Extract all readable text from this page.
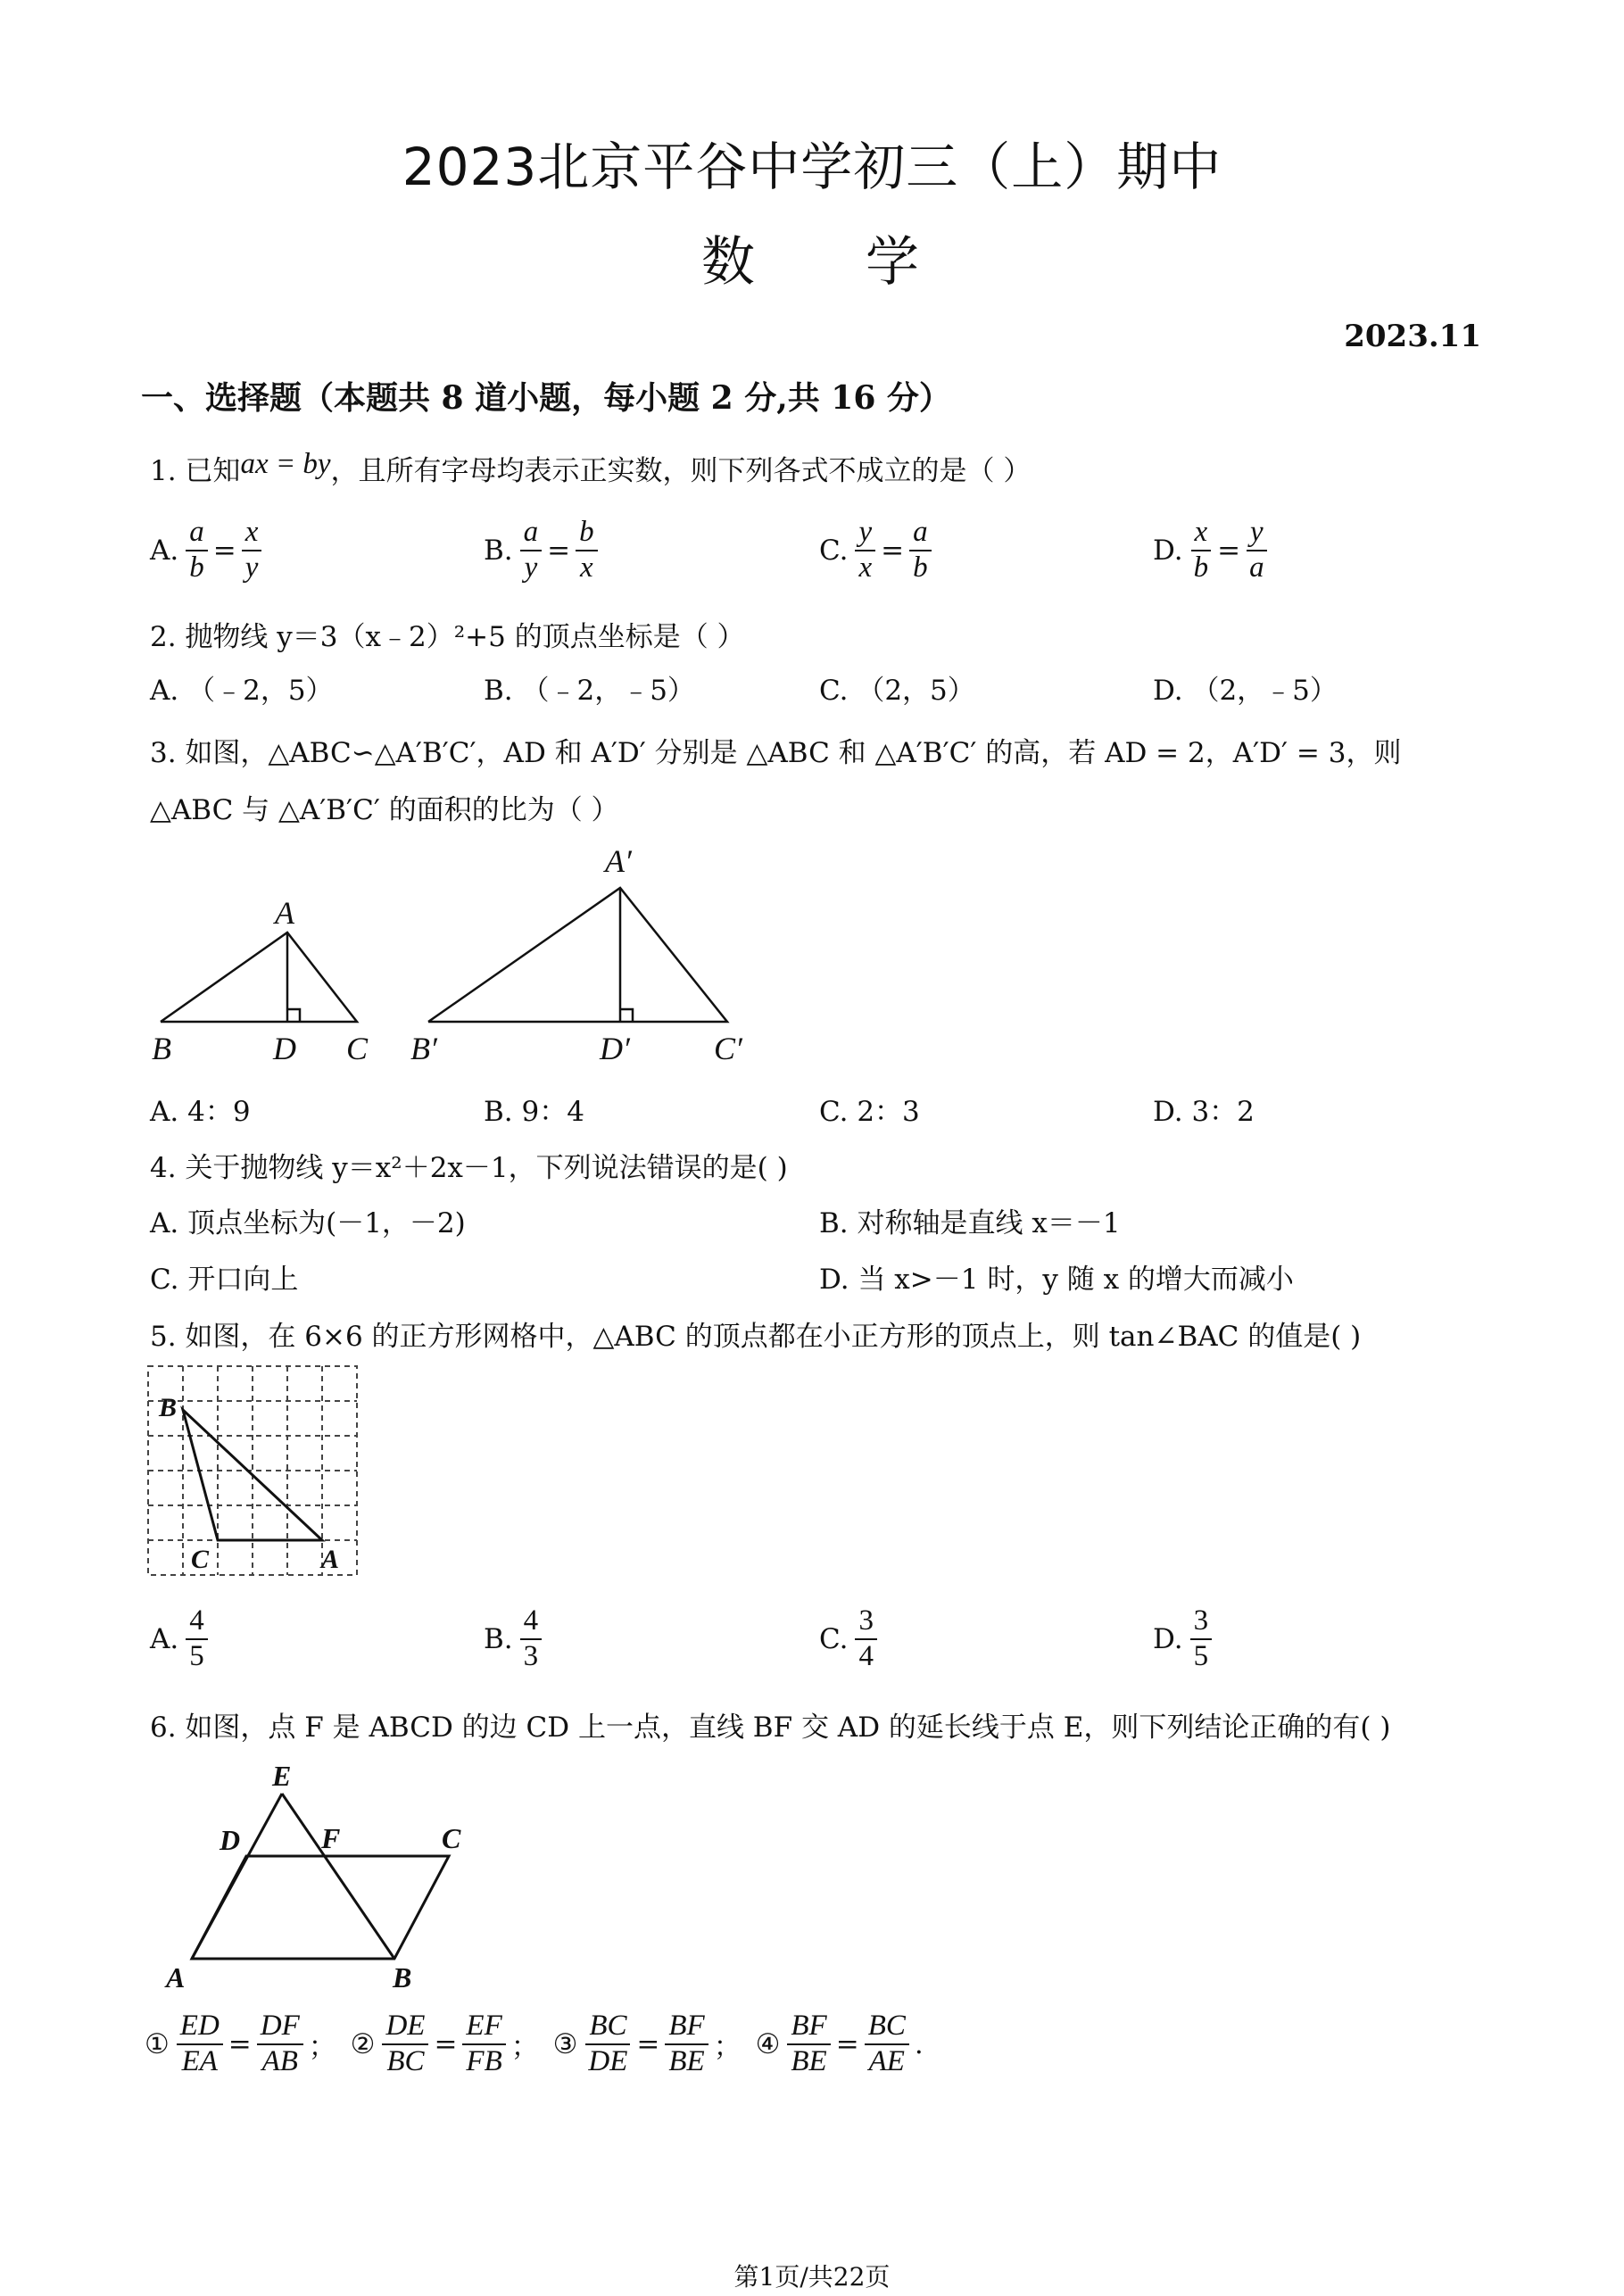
2023北京平谷中学初三（上）期中
数 学
2023.11
一、选择题（本题共 8 道小题，每小题 2 分,共 16 分）
1. 已知ax = by，且所有字母均表示正实数，则下列各式不成立的是（ ）
A. $\frac{a}{b} = \frac{x}{y}$	B. $\frac{a}{y} = \frac{b}{x}$	C. $\frac{y}{x} = \frac{a}{b}$	D. $\frac{x}{b} = \frac{y}{a}$
2. 抛物线 y＝3（x﹣2）²+5 的顶点坐标是（ ）
A. （﹣2，5）	B. （﹣2，﹣5）	C. （2，5）	D. （2，﹣5）
3. 如图，△ABC∽△A′B′C′，AD 和 A′D′ 分别是 △ABC 和 △A′B′C′ 的高，若 AD = 2，A′D′ = 3，则
△ABC 与 △A′B′C′ 的面积的比为（ ）
A
B	D C
A′
B′	D′	C′
A. 4：9	B. 9：4	C. 2：3	D. 3：2
4. 关于抛物线 y＝x²＋2x－1，下列说法错误的是( )
A. 顶点坐标为(－1，－2)	B. 对称轴是直线 x＝－1
C. 开口向上	D. 当 x>－1 时，y 随 x 的增大而减小
5. 如图，在 6×6 的正方形网格中，△ABC 的顶点都在小正方形的顶点上，则 tan∠BAC 的值是( )
B
C	A
A. $\frac{4}{5}$	B. $\frac{4}{3}$	C. $\frac{3}{4}$	D. $\frac{3}{5}$
6. 如图，点 F 是 ABCD 的边 CD 上一点，直线 BF 交 AD 的延长线于点 E，则下列结论正确的有( )
E
D	F	C
A	B
① $\frac{ED}{EA} = \frac{DF}{AB}$ ； ② $\frac{DE}{BC} = \frac{EF}{FB}$ ； ③ $\frac{BC}{DE} = \frac{BF}{BE}$ ； ④ $\frac{BF}{BE} = \frac{BC}{AE}$ .
第1页/共22页
